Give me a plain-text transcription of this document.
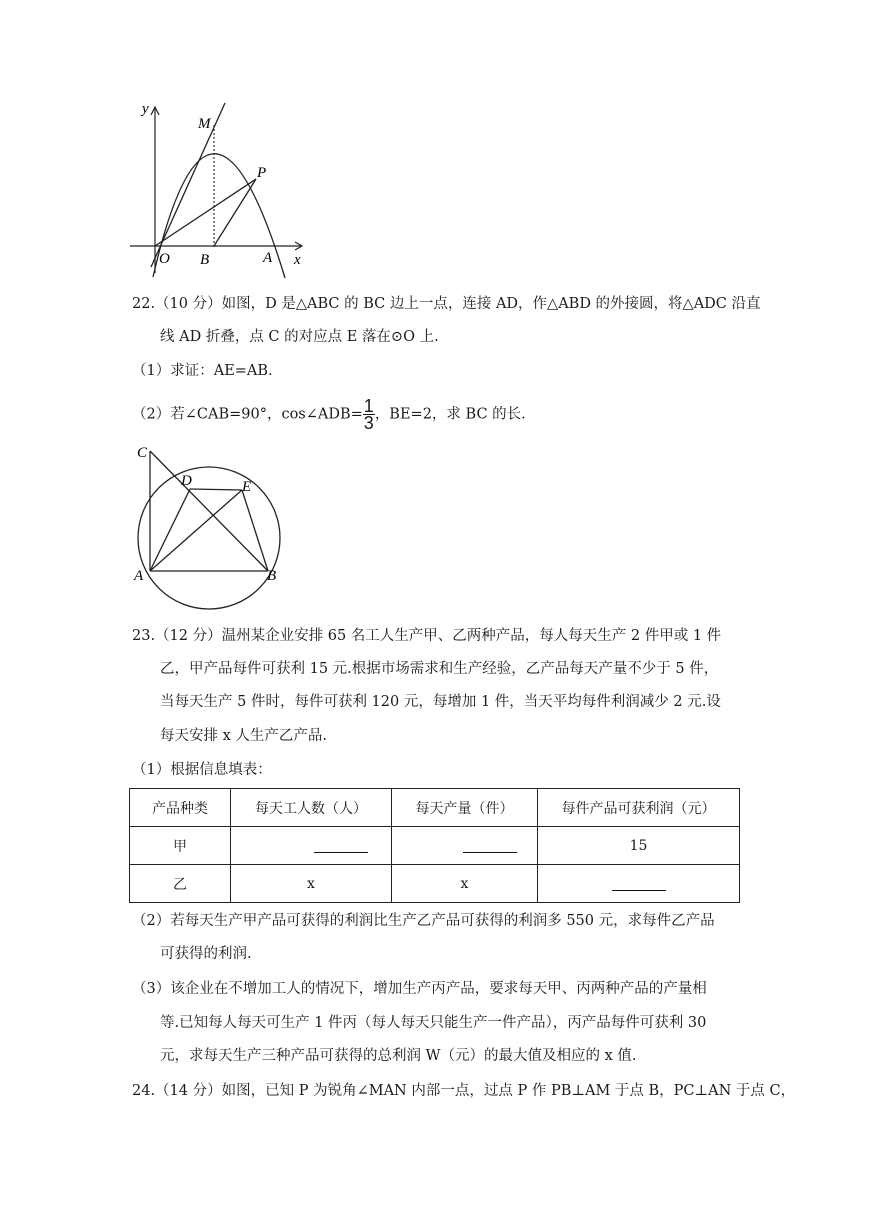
y
M
P
O B	A x
22.（10 分）如图，D 是△ABC 的 BC 边上一点，连接 AD，作△ABD 的外接圆，将△ADC 沿直
线 AD 折叠，点 C 的对应点 E 落在⊙O 上.
（1）求证：AE=AB.
（2）若∠CAB=90°，cos∠ADB= $\frac{1}{3}$ ，BE=2，求 BC 的长.
C
D	E
A	B
23.（12 分）温州某企业安排 65 名工人生产甲、乙两种产品，每人每天生产 2 件甲或 1 件
乙，甲产品每件可获利 15 元.根据市场需求和生产经验，乙产品每天产量不少于 5 件，
当每天生产 5 件时，每件可获利 120 元，每增加 1 件，当天平均每件利润减少 2 元.设
每天安排 x 人生产乙产品.
（1）根据信息填表：
产品种类	每天工人数（人）	每天产量（件）	每件产品可获利润（元）
甲			15
乙	x	x	
（2）若每天生产甲产品可获得的利润比生产乙产品可获得的利润多 550 元，求每件乙产品
可获得的利润.
（3）该企业在不增加工人的情况下，增加生产丙产品，要求每天甲、丙两种产品的产量相
等.已知每人每天可生产 1 件丙（每人每天只能生产一件产品），丙产品每件可获利 30
元，求每天生产三种产品可获得的总利润 W（元）的最大值及相应的 x 值.
24.（14 分）如图，已知 P 为锐角∠MAN 内部一点，过点 P 作 PB⊥AM 于点 B，PC⊥AN 于点 C，
